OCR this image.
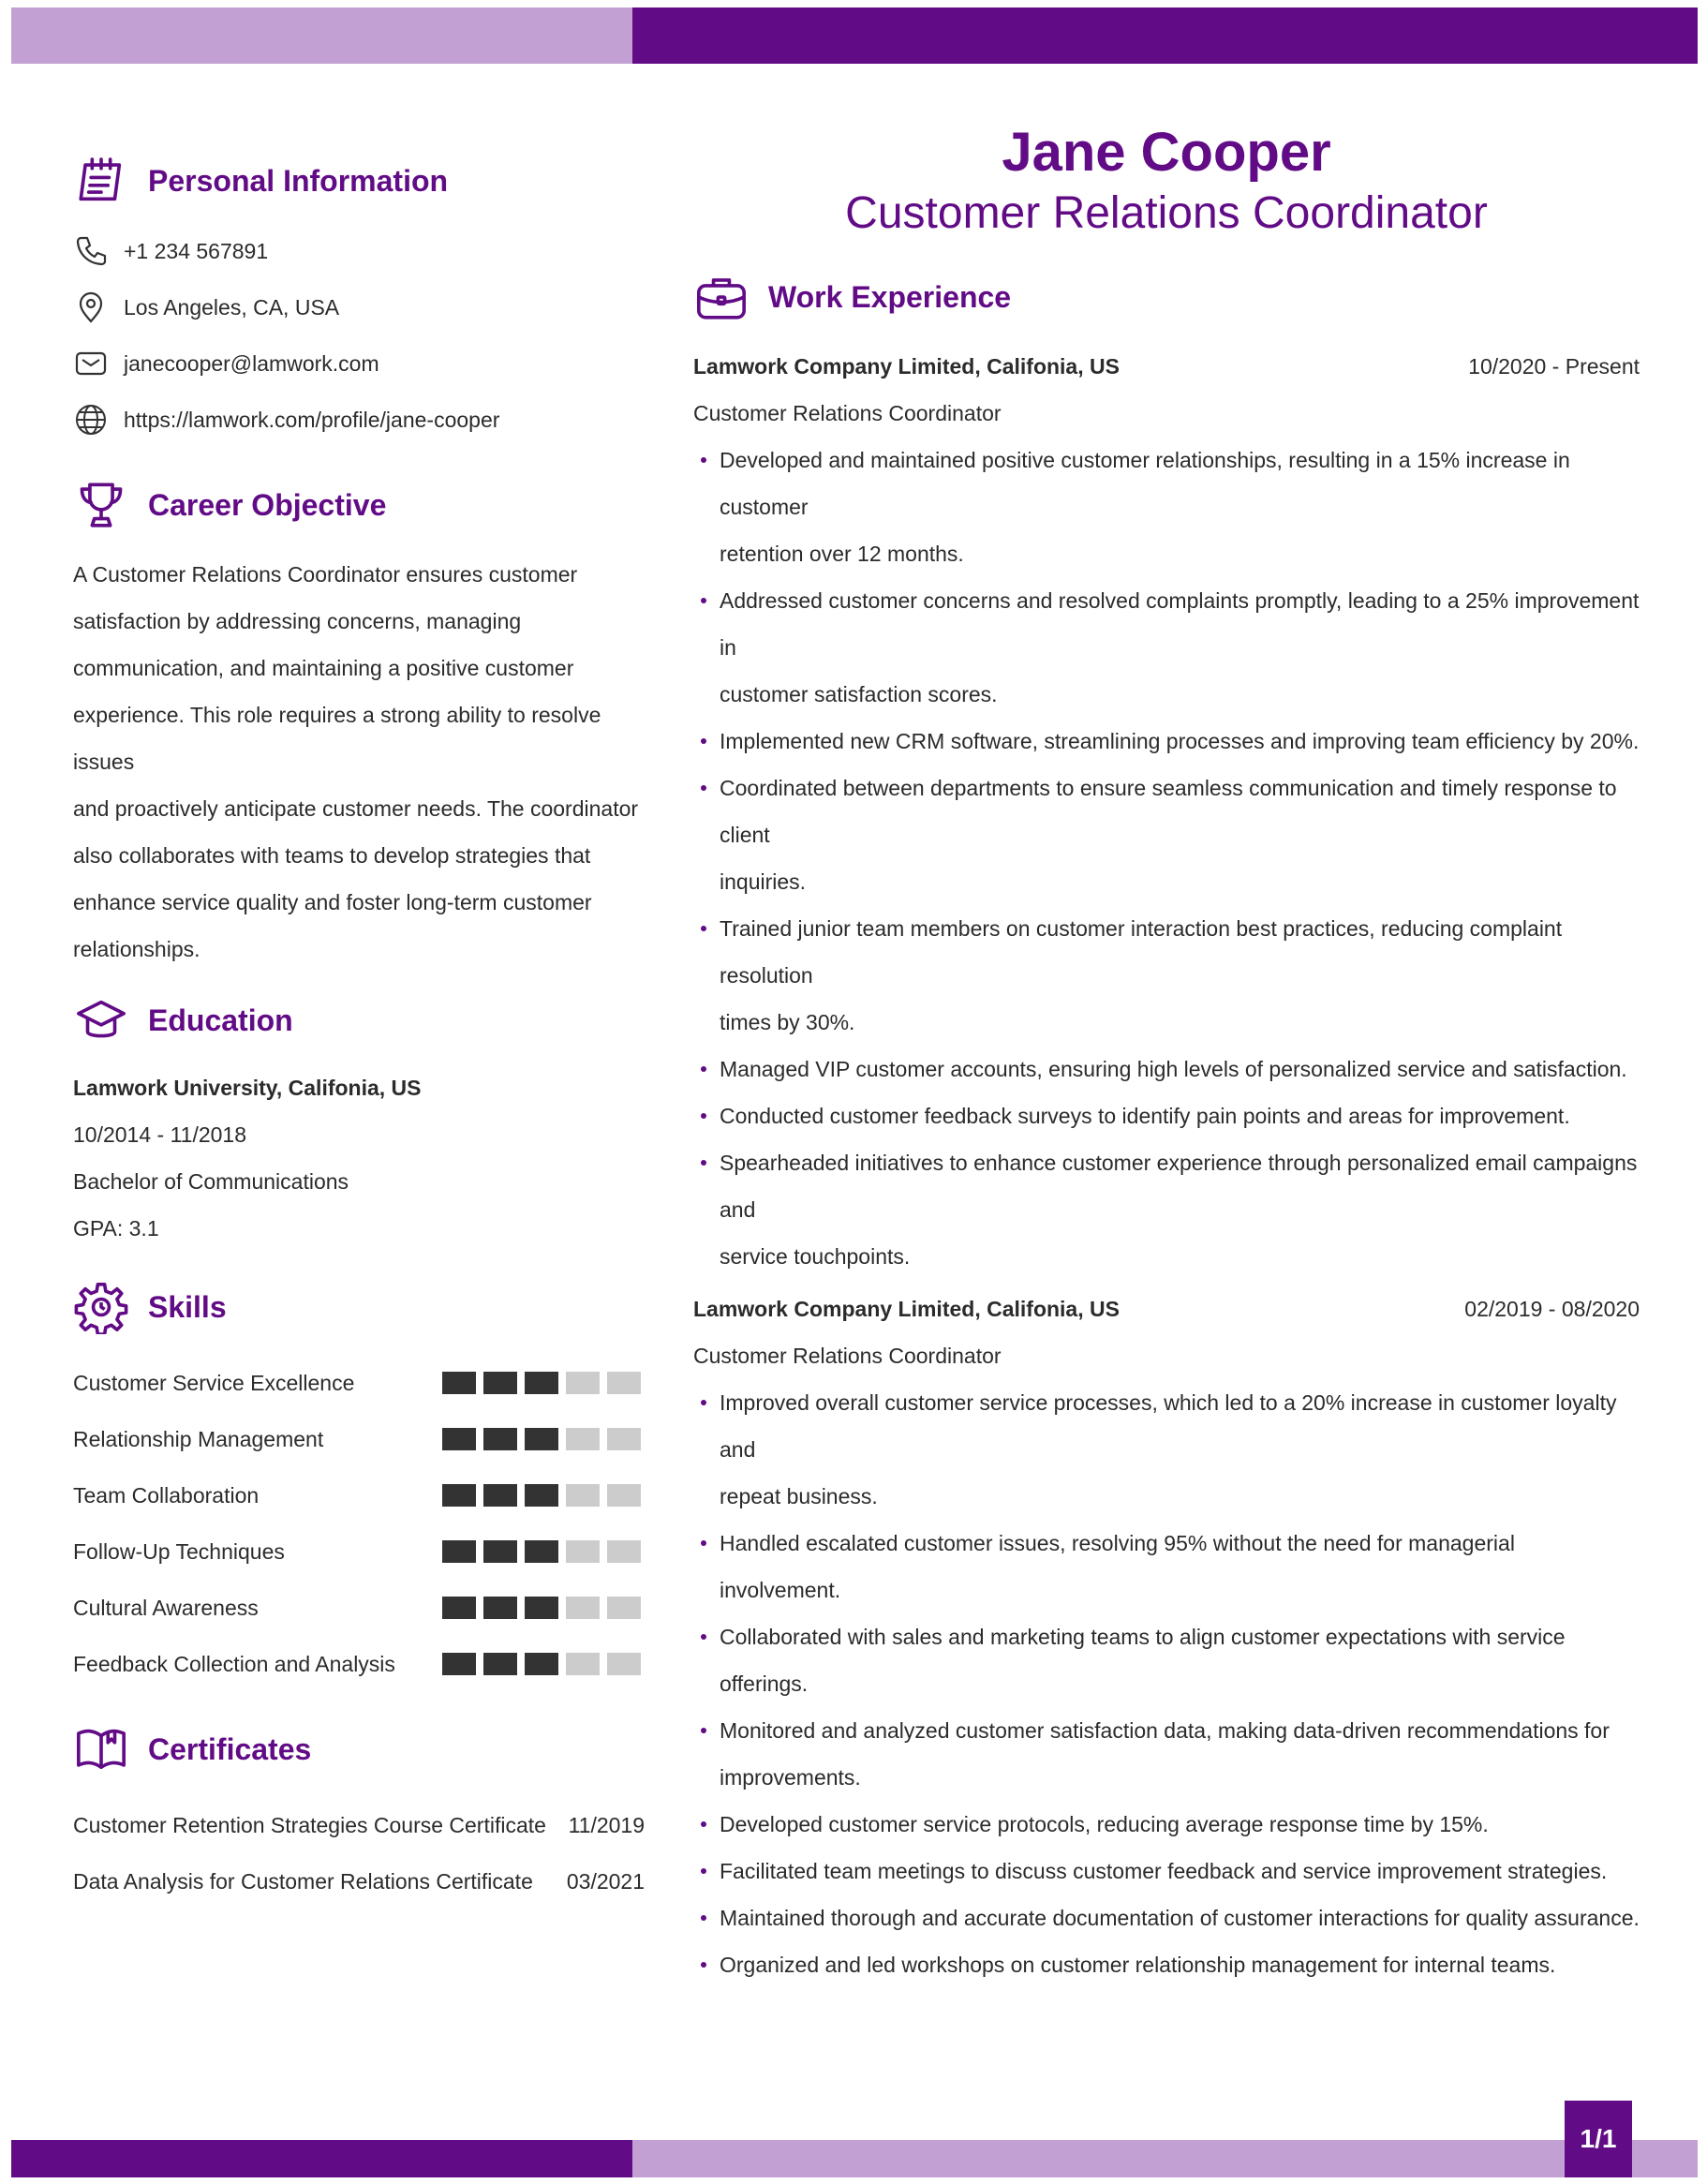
Personal Information
+1 234 567891
Los Angeles, CA, USA
janecooper@lamwork.com
https://lamwork.com/profile/jane-cooper
Career Objective
A Customer Relations Coordinator ensures customer
satisfaction by addressing concerns, managing
communication, and maintaining a positive customer
experience. This role requires a strong ability to resolve issues
and proactively anticipate customer needs. The coordinator
also collaborates with teams to develop strategies that
enhance service quality and foster long-term customer
relationships.
Education
Lamwork University, Califonia, US
10/2014 - 11/2018
Bachelor of Communications
GPA: 3.1
Skills
Customer Service Excellence
Relationship Management
Team Collaboration
Follow-Up Techniques
Cultural Awareness
Feedback Collection and Analysis
Certificates
Customer Retention Strategies Course Certificate	11/2019
Data Analysis for Customer Relations Certificate	03/2021
Jane Cooper
Customer Relations Coordinator
Work Experience
Lamwork Company Limited, Califonia, US	10/2020 - Present
Customer Relations Coordinator
Developed and maintained positive customer relationships, resulting in a 15% increase in customer
retention over 12 months.
Addressed customer concerns and resolved complaints promptly, leading to a 25% improvement in
customer satisfaction scores.
Implemented new CRM software, streamlining processes and improving team efficiency by 20%.
Coordinated between departments to ensure seamless communication and timely response to client
inquiries.
Trained junior team members on customer interaction best practices, reducing complaint resolution
times by 30%.
Managed VIP customer accounts, ensuring high levels of personalized service and satisfaction.
Conducted customer feedback surveys to identify pain points and areas for improvement.
Spearheaded initiatives to enhance customer experience through personalized email campaigns and
service touchpoints.
Lamwork Company Limited, Califonia, US	02/2019 - 08/2020
Customer Relations Coordinator
Improved overall customer service processes, which led to a 20% increase in customer loyalty and
repeat business.
Handled escalated customer issues, resolving 95% without the need for managerial involvement.
Collaborated with sales and marketing teams to align customer expectations with service offerings.
Monitored and analyzed customer satisfaction data, making data-driven recommendations for
improvements.
Developed customer service protocols, reducing average response time by 15%.
Facilitated team meetings to discuss customer feedback and service improvement strategies.
Maintained thorough and accurate documentation of customer interactions for quality assurance.
Organized and led workshops on customer relationship management for internal teams.
1/1
